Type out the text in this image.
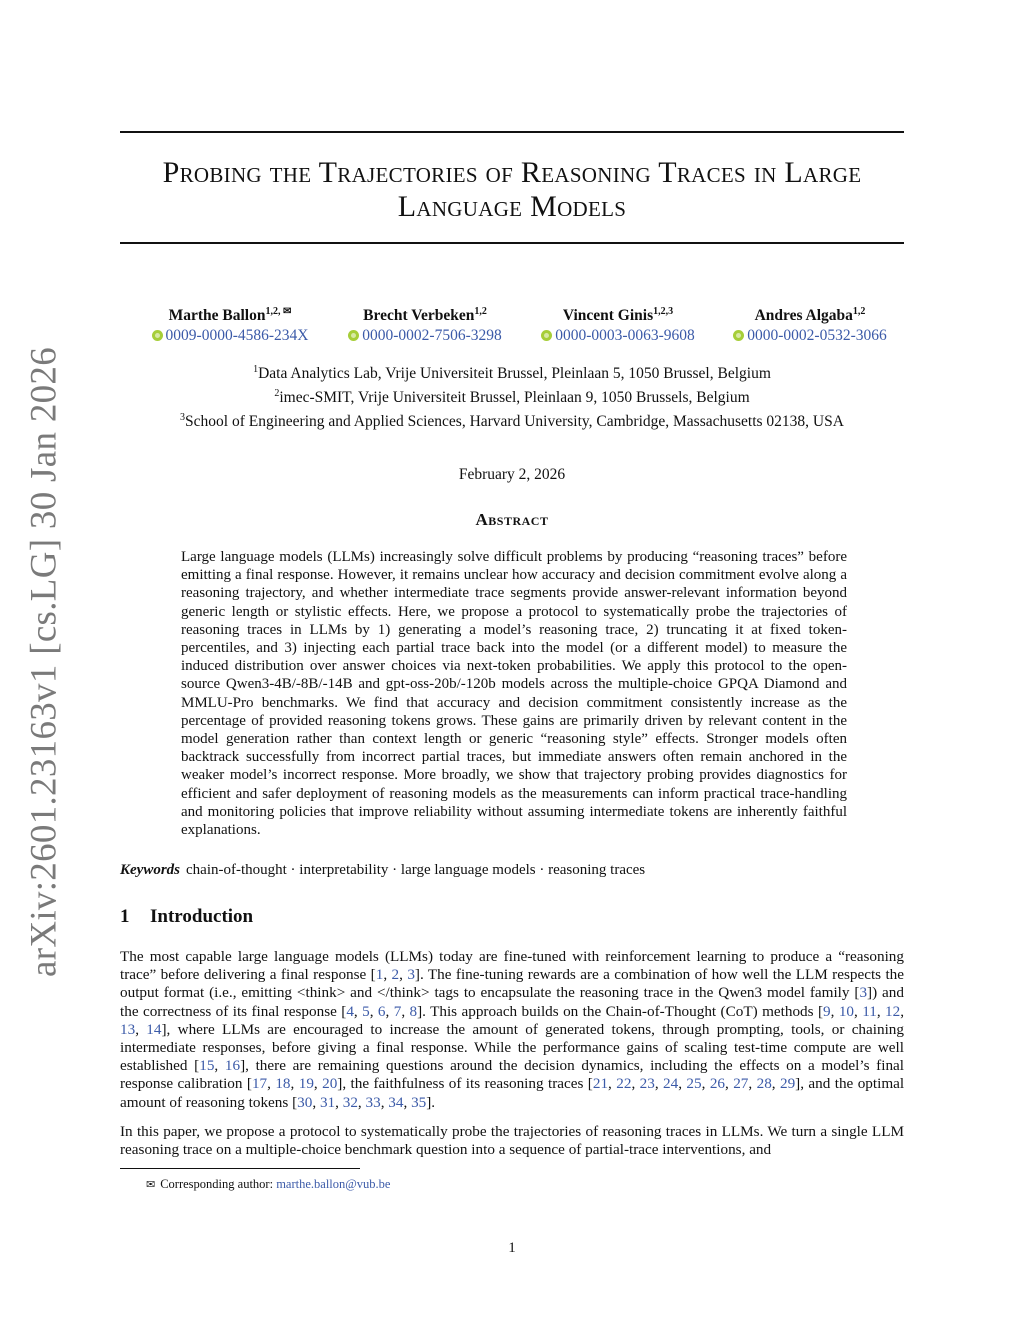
arXiv:2601.23163v1 [cs.LG] 30 Jan 2026
Probing the Trajectories of Reasoning Traces in Large
Language Models
Marthe Ballon$^{1,2, ✉}$
0009-0000-4586-234X
Brecht Verbeken$^{1,2}$
0000-0002-7506-3298
Vincent Ginis$^{1,2,3}$
0000-0003-0063-9608
Andres Algaba$^{1,2}$
0000-0002-0532-3066
$^1$Data Analytics Lab, Vrije Universiteit Brussel, Pleinlaan 5, 1050 Brussel, Belgium
$^2$imec-SMIT, Vrije Universiteit Brussel, Pleinlaan 9, 1050 Brussels, Belgium
$^3$School of Engineering and Applied Sciences, Harvard University, Cambridge, Massachusetts 02138, USA
February 2, 2026
Abstract

Large language models (LLMs) increasingly solve difficult problems by producing “reasoning traces” before emitting a final response. However, it remains unclear how accuracy and decision commitment evolve along a reasoning trajectory, and whether intermediate trace segments provide answer-relevant information beyond generic length or stylistic effects. Here, we propose a protocol to systematically probe the trajectories of reasoning traces in LLMs by 1) generating a model’s reasoning trace, 2) truncating it at fixed token-percentiles, and 3) injecting each partial trace back into the model (or a different model) to measure the induced distribution over answer choices via next-token probabilities. We apply this protocol to the open-source Qwen3-4B/-8B/-14B and gpt-oss-20b/-120b models across the multiple-choice GPQA Diamond and MMLU-Pro benchmarks. We find that accuracy and decision commitment consistently increase as the percentage of provided reasoning tokens grows. These gains are primarily driven by relevant content in the model generation rather than context length or generic “reasoning style” effects. Stronger models often backtrack successfully from incorrect partial traces, but immediate answers often remain anchored in the weaker model’s incorrect response. More broadly, we show that trajectory probing provides diagnostics for efficient and safer deployment of reasoning models as the measurements can inform practical trace-handling and monitoring policies that improve reliability without assuming intermediate tokens are inherently faithful explanations.

Keywords chain-of-thought · interpretability · large language models · reasoning traces
1 Introduction

The most capable large language models (LLMs) today are fine-tuned with reinforcement learning to produce a “reasoning trace” before delivering a final response [1, 2, 3]. The fine-tuning rewards are a combination of how well the LLM respects the output format (i.e., emitting <think> and </think> tags to encapsulate the reasoning trace in the Qwen3 model family [3]) and the correctness of its final response [4, 5, 6, 7, 8]. This approach builds on the Chain-of-Thought (CoT) methods [9, 10, 11, 12, 13, 14], where LLMs are encouraged to increase the amount of generated tokens, through prompting, tools, or chaining intermediate responses, before giving a final response. While the performance gains of scaling test-time compute are well established [15, 16], there are remaining questions around the decision dynamics, including the effects on a model’s final response calibration [17, 18, 19, 20], the faithfulness of its reasoning traces [21, 22, 23, 24, 25, 26, 27, 28, 29], and the optimal amount of reasoning tokens [30, 31, 32, 33, 34, 35].

In this paper, we propose a protocol to systematically probe the trajectories of reasoning traces in LLMs. We turn a single LLM reasoning trace on a multiple-choice benchmark question into a sequence of partial-trace interventions, and

✉ Corresponding author: marthe.ballon@vub.be
1
